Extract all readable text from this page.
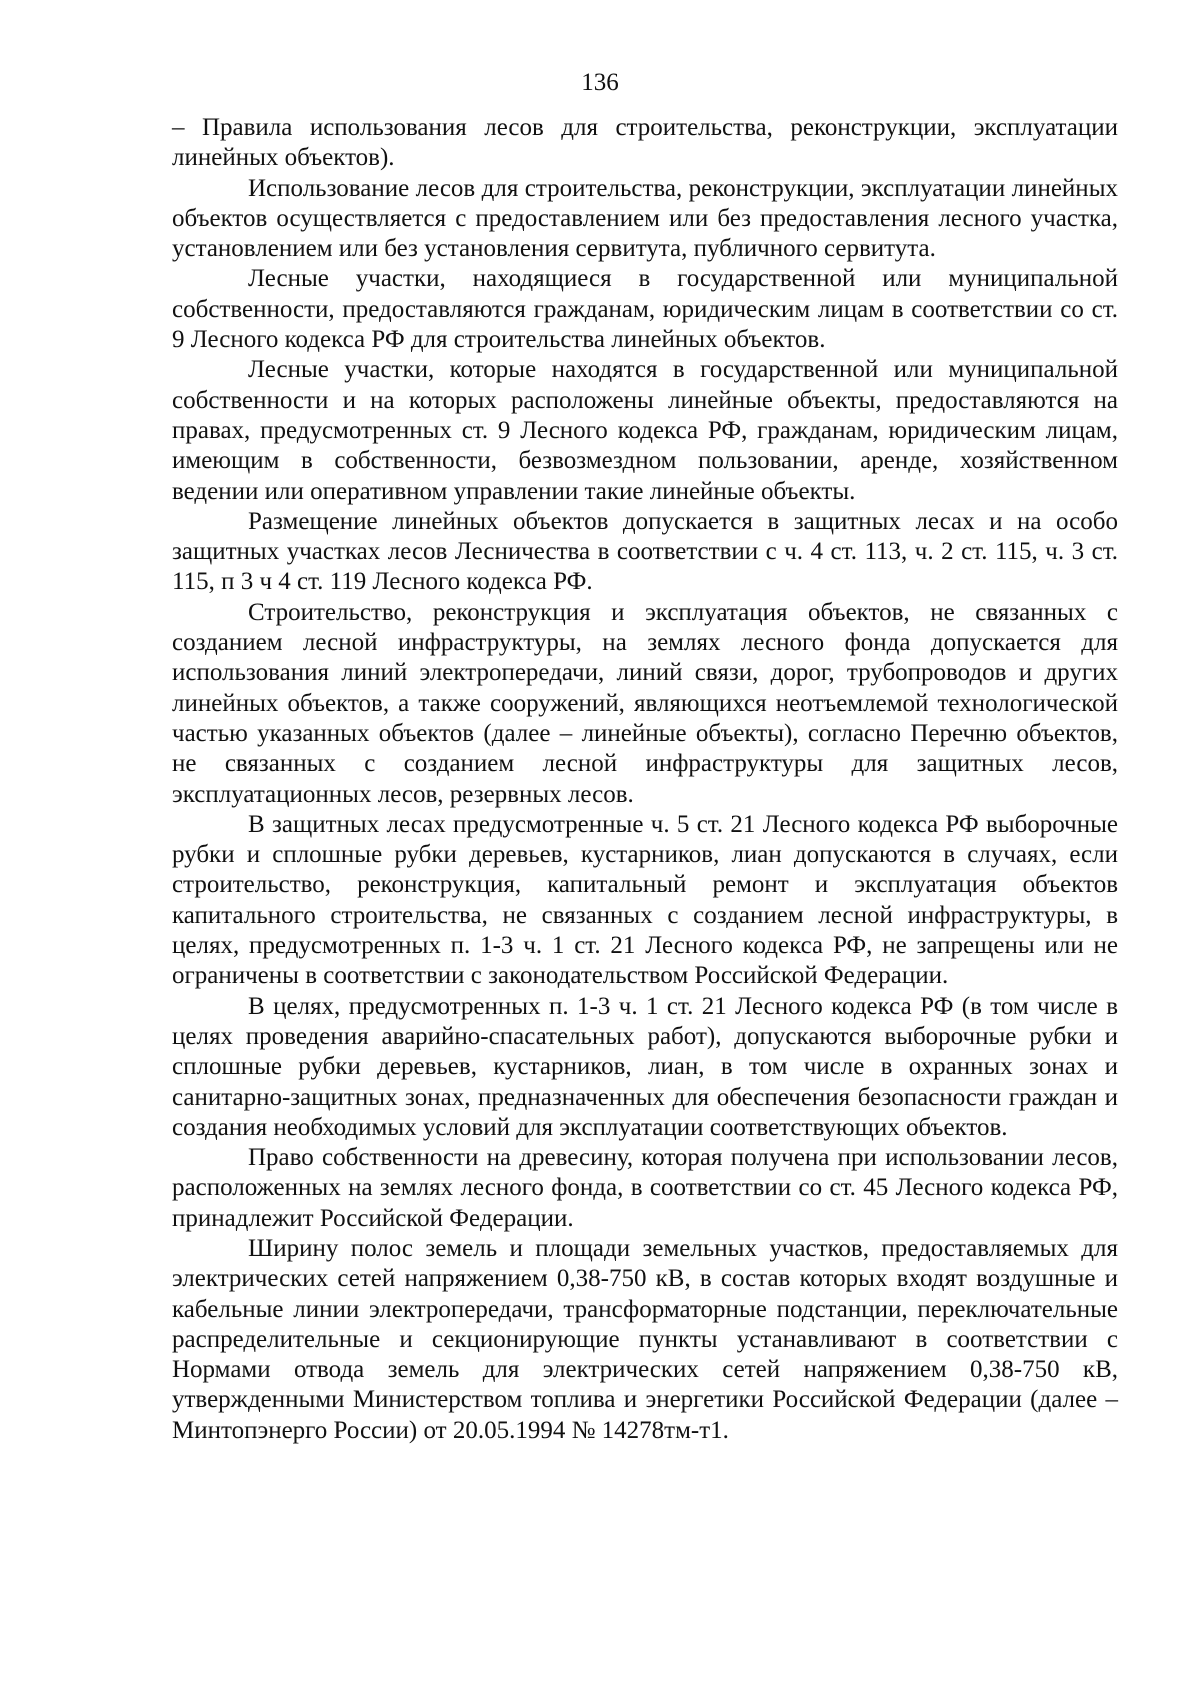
136

– Правила использования лесов для строительства, реконструкции, эксплуатации линейных объектов).

Использование лесов для строительства, реконструкции, эксплуатации линейных объектов осуществляется с предоставлением или без предоставления лесного участка, установлением или без установления сервитута, публичного сервитута.

Лесные участки, находящиеся в государственной или муниципальной собственности, предоставляются гражданам, юридическим лицам в соответствии со ст. 9 Лесного кодекса РФ для строительства линейных объектов.

Лесные участки, которые находятся в государственной или муниципальной собственности и на которых расположены линейные объекты, предоставляются на правах, предусмотренных ст. 9 Лесного кодекса РФ, гражданам, юридическим лицам, имеющим в собственности, безвозмездном пользовании, аренде, хозяйственном ведении или оперативном управлении такие линейные объекты.

Размещение линейных объектов допускается в защитных лесах и на особо защитных участках лесов Лесничества в соответствии с ч. 4 ст. 113, ч. 2 ст. 115, ч. 3 ст. 115, п 3 ч 4 ст. 119 Лесного кодекса РФ.

Строительство, реконструкция и эксплуатация объектов, не связанных с созданием лесной инфраструктуры, на землях лесного фонда допускается для использования линий электропередачи, линий связи, дорог, трубопроводов и других линейных объектов, а также сооружений, являющихся неотъемлемой технологической частью указанных объектов (далее – линейные объекты), согласно Перечню объектов, не связанных с созданием лесной инфраструктуры для защитных лесов, эксплуатационных лесов, резервных лесов.

В защитных лесах предусмотренные ч. 5 ст. 21 Лесного кодекса РФ выборочные рубки и сплошные рубки деревьев, кустарников, лиан допускаются в случаях, если строительство, реконструкция, капитальный ремонт и эксплуатация объектов капитального строительства, не связанных с созданием лесной инфраструктуры, в целях, предусмотренных п. 1-3 ч. 1 ст. 21 Лесного кодекса РФ, не запрещены или не ограничены в соответствии с законодательством Российской Федерации.

В целях, предусмотренных п. 1-3 ч. 1 ст. 21 Лесного кодекса РФ (в том числе в целях проведения аварийно-спасательных работ), допускаются выборочные рубки и сплошные рубки деревьев, кустарников, лиан, в том числе в охранных зонах и санитарно-защитных зонах, предназначенных для обеспечения безопасности граждан и создания необходимых условий для эксплуатации соответствующих объектов.

Право собственности на древесину, которая получена при использовании лесов, расположенных на землях лесного фонда, в соответствии со ст. 45 Лесного кодекса РФ, принадлежит Российской Федерации.

Ширину полос земель и площади земельных участков, предоставляемых для электрических сетей напряжением 0,38-750 кВ, в состав которых входят воздушные и кабельные линии электропередачи, трансформаторные подстанции, переключательные распределительные и секционирующие пункты устанавливают в соответствии с Нормами отвода земель для электрических сетей напряжением 0,38-750 кВ, утвержденными Министерством топлива и энергетики Российской Федерации (далее – Минтопэнерго России) от 20.05.1994 № 14278тм-т1.
